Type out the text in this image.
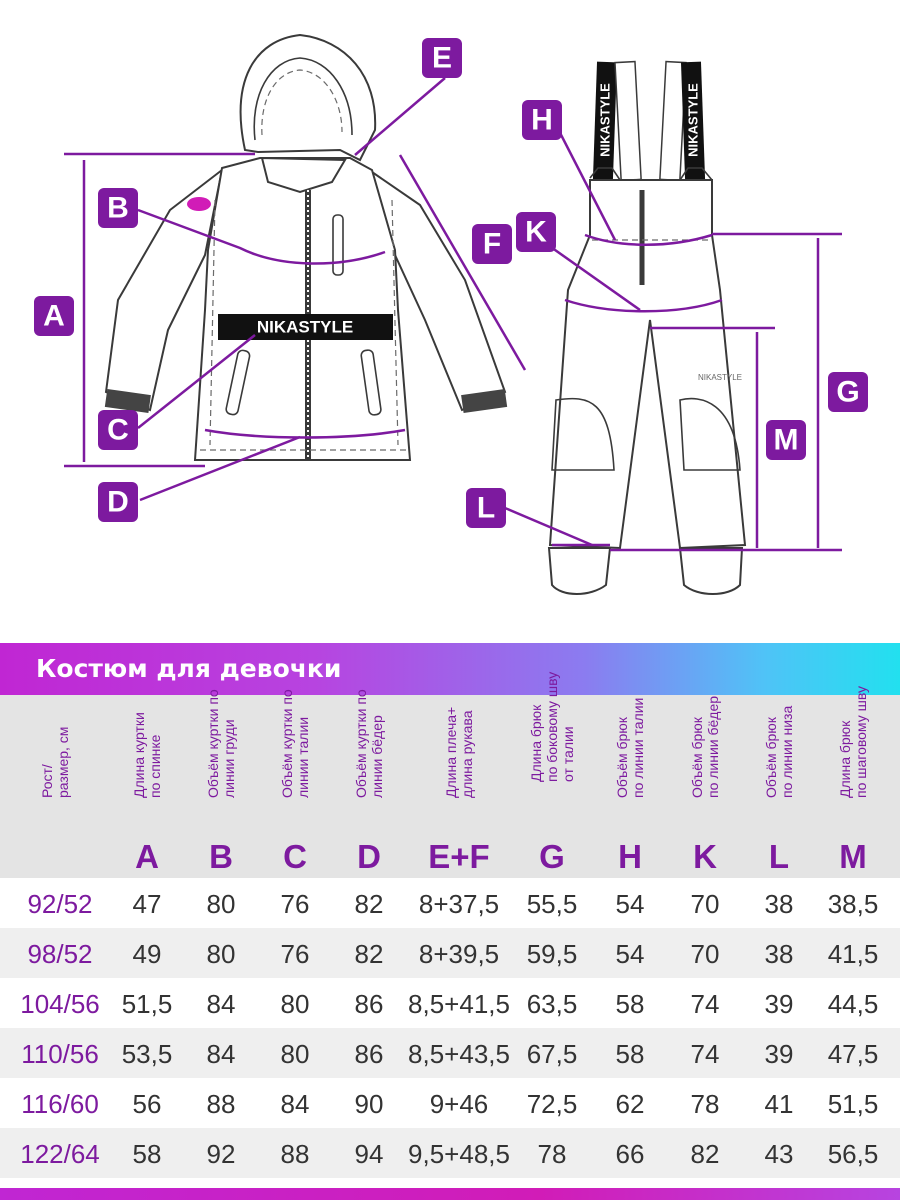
NIKASTYLE
NIKASTYLE	NIKASTYLE
NIKASTYLE
A
B
C
D
E
F
H
K
G
M
L
Костюм для девочки
Рост/
размер, см
Длина куртки
по спинке
A
Объём куртки по
линии груди
B
Объём куртки по
линии талии
C
Объём куртки по
линии бёдер
D
Длина плеча+
длина рукава
E+F
Длина брюк
по боковому шву
от талии
G
Объём брюк
по линии талии
H
Объём брюк
по линии бёдер
K
Объём брюк
по линии низа
L
Длина брюк
по шаговому шву
M
92/52	47	80	76	82	8+37,5	55,5	54	70	38	38,5
98/52	49	80	76	82	8+39,5	59,5	54	70	38	41,5
104/56 51,5	84	80	86 8,5+41,5 63,5	58	74	39	44,5
110/56 53,5	84	80	86 8,5+43,5 67,5	58	74	39	47,5
116/60	56	88	84	90	9+46	72,5	62	78	41	51,5
122/64	58	92	88	94 9,5+48,5	78	66	82	43	56,5
